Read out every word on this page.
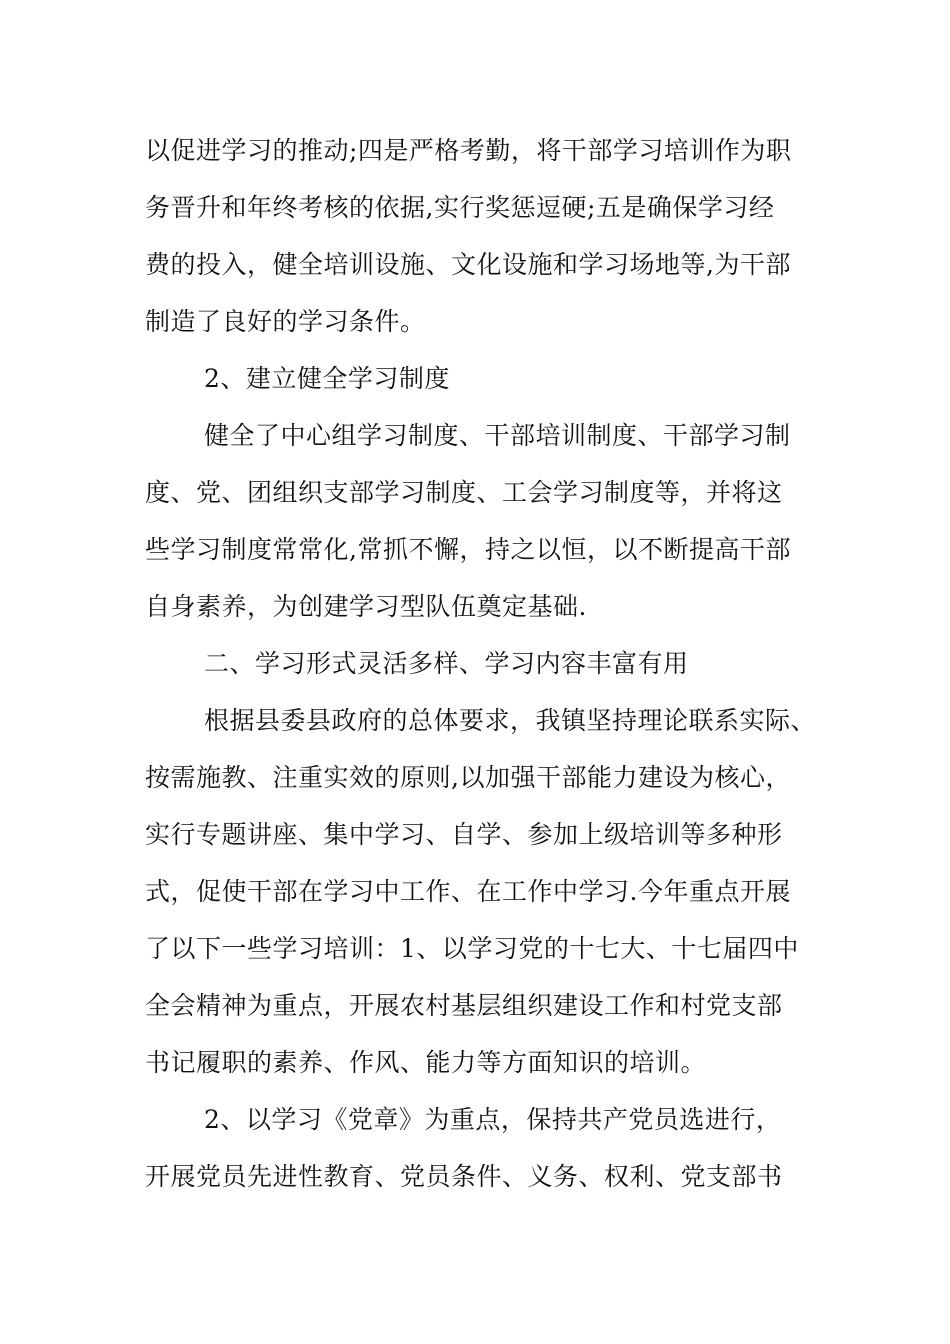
以促进学习的推动;四是严格考勤，将干部学习培训作为职
务晋升和年终考核的依据,实行奖惩逗硬;五是确保学习经
费的投入，健全培训设施、文化设施和学习场地等,为干部
制造了良好的学习条件。
2、建立健全学习制度
健全了中心组学习制度、干部培训制度、干部学习制
度、党、团组织支部学习制度、工会学习制度等，并将这
些学习制度常常化,常抓不懈，持之以恒，以不断提高干部
自身素养，为创建学习型队伍奠定基础.
二、学习形式灵活多样、学习内容丰富有用
根据县委县政府的总体要求，我镇坚持理论联系实际、
按需施教、注重实效的原则,以加强干部能力建设为核心，
实行专题讲座、集中学习、自学、参加上级培训等多种形
式，促使干部在学习中工作、在工作中学习.今年重点开展
了以下一些学习培训：1、以学习党的十七大、十七届四中
全会精神为重点，开展农村基层组织建设工作和村党支部
书记履职的素养、作风、能力等方面知识的培训。
2、以学习《党章》为重点，保持共产党员选进行，
开展党员先进性教育、党员条件、义务、权利、党支部书
